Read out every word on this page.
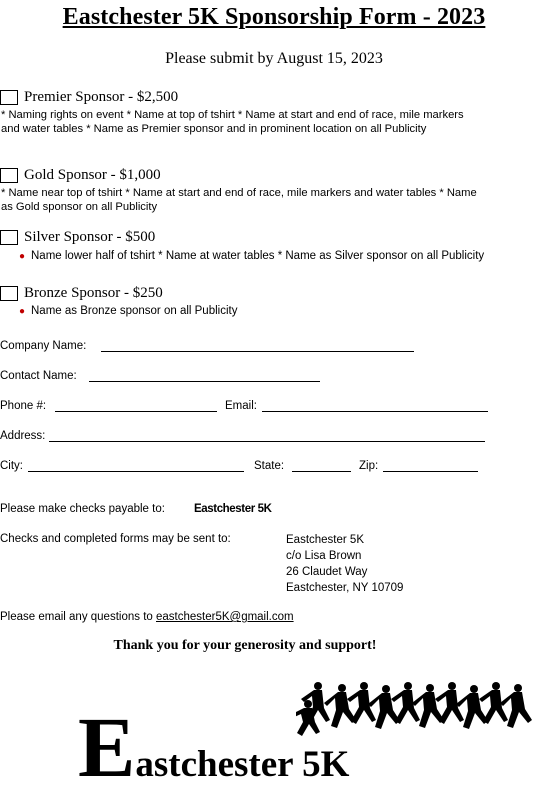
Eastchester 5K Sponsorship Form - 2023
Please submit by August 15, 2023
Premier Sponsor - $2,500
* Naming rights on event * Name at top of tshirt * Name at start and end of race, mile markers and water tables * Name as Premier sponsor and in prominent location on all Publicity
Gold Sponsor - $1,000
* Name near top of tshirt * Name at start and end of race, mile markers and water tables * Name as Gold sponsor on all Publicity
Silver Sponsor - $500
● Name lower half of tshirt * Name at water tables * Name as Silver sponsor on all Publicity
Bronze Sponsor - $250
● Name as Bronze sponsor on all Publicity
Company Name:
Contact Name:
Phone #:	Email:
Address:
City:	State:	Zip:
Please make checks payable to:	Eastchester 5K
Checks and completed forms may be sent to:	Eastchester 5K
c/o Lisa Brown
26 Claudet Way
Eastchester, NY 10709
Please email any questions to eastchester5K@gmail.com
Thank you for your generosity and support!
Eastchester 5K
